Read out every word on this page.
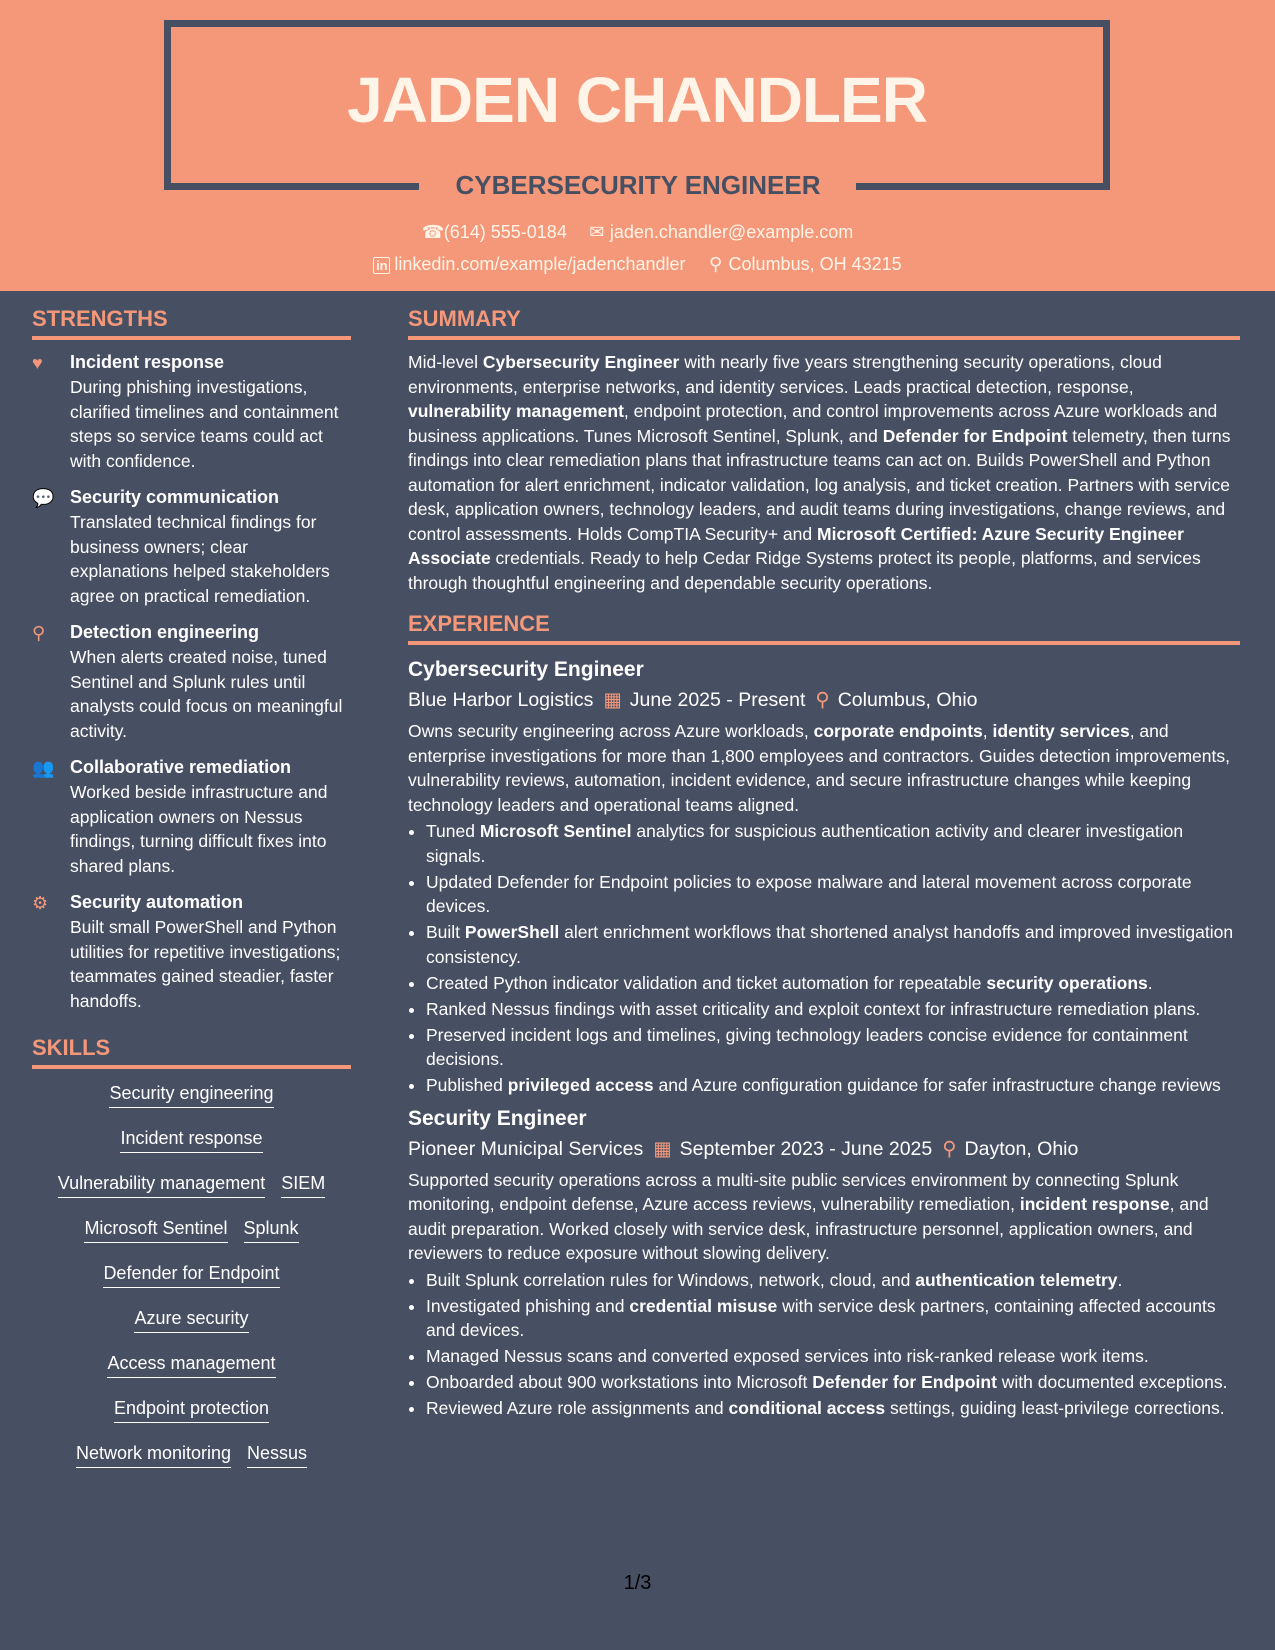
JADEN CHANDLER
CYBERSECURITY ENGINEER
☎(614) 555-0184 ✉ jaden.chandler@example.com
in linkedin.com/example/jadenchandler ⚲ Columbus, OH 43215
STRENGTHS
♥	Incident response
During phishing investigations, clarified timelines and containment steps so service teams could act with confidence.
💬 Security communication
Translated technical findings for business owners; clear explanations helped stakeholders agree on practical remediation.
⚲	Detection engineering
When alerts created noise, tuned Sentinel and Splunk rules until analysts could focus on meaningful activity.
👥 Collaborative remediation
Worked beside infrastructure and application owners on Nessus findings, turning difficult fixes into shared plans.
⚙	Security automation
Built small PowerShell and Python utilities for repetitive investigations; teammates gained steadier, faster handoffs.
SKILLS
Security engineering
Incident response
Vulnerability management SIEM
Microsoft Sentinel Splunk
Defender for Endpoint
Azure security
Access management
Endpoint protection
Network monitoring Nessus
SUMMARY

Mid-level Cybersecurity Engineer with nearly five years strengthening security operations, cloud environments, enterprise networks, and identity services. Leads practical detection, response, vulnerability management, endpoint protection, and control improvements across Azure workloads and business applications. Tunes Microsoft Sentinel, Splunk, and Defender for Endpoint telemetry, then turns findings into clear remediation plans that infrastructure teams can act on. Builds PowerShell and Python automation for alert enrichment, indicator validation, log analysis, and ticket creation. Partners with service desk, application owners, technology leaders, and audit teams during investigations, change reviews, and control assessments. Holds CompTIA Security+ and Microsoft Certified: Azure Security Engineer Associate credentials. Ready to help Cedar Ridge Systems protect its people, platforms, and services through thoughtful engineering and dependable security operations.

EXPERIENCE
Cybersecurity Engineer
Blue Harbor Logistics ▦ June 2025 - Present ⚲ Columbus, Ohio

Owns security engineering across Azure workloads, corporate endpoints, identity services, and enterprise investigations for more than 1,800 employees and contractors. Guides detection improvements, vulnerability reviews, automation, incident evidence, and secure infrastructure changes while keeping technology leaders and operational teams aligned.

• Tuned Microsoft Sentinel analytics for suspicious authentication activity and clearer investigation signals.
• Updated Defender for Endpoint policies to expose malware and lateral movement across corporate devices.
• Built PowerShell alert enrichment workflows that shortened analyst handoffs and improved investigation consistency.
• Created Python indicator validation and ticket automation for repeatable security operations.
• Ranked Nessus findings with asset criticality and exploit context for infrastructure remediation plans.
• Preserved incident logs and timelines, giving technology leaders concise evidence for containment decisions.
• Published privileged access and Azure configuration guidance for safer infrastructure change reviews
Security Engineer
Pioneer Municipal Services ▦ September 2023 - June 2025 ⚲ Dayton, Ohio

Supported security operations across a multi-site public services environment by connecting Splunk monitoring, endpoint defense, Azure access reviews, vulnerability remediation, incident response, and audit preparation. Worked closely with service desk, infrastructure personnel, application owners, and reviewers to reduce exposure without slowing delivery.

• Built Splunk correlation rules for Windows, network, cloud, and authentication telemetry.
• Investigated phishing and credential misuse with service desk partners, containing affected accounts and devices.
• Managed Nessus scans and converted exposed services into risk-ranked release work items.
• Onboarded about 900 workstations into Microsoft Defender for Endpoint with documented exceptions.
• Reviewed Azure role assignments and conditional access settings, guiding least-privilege corrections.
1/3
